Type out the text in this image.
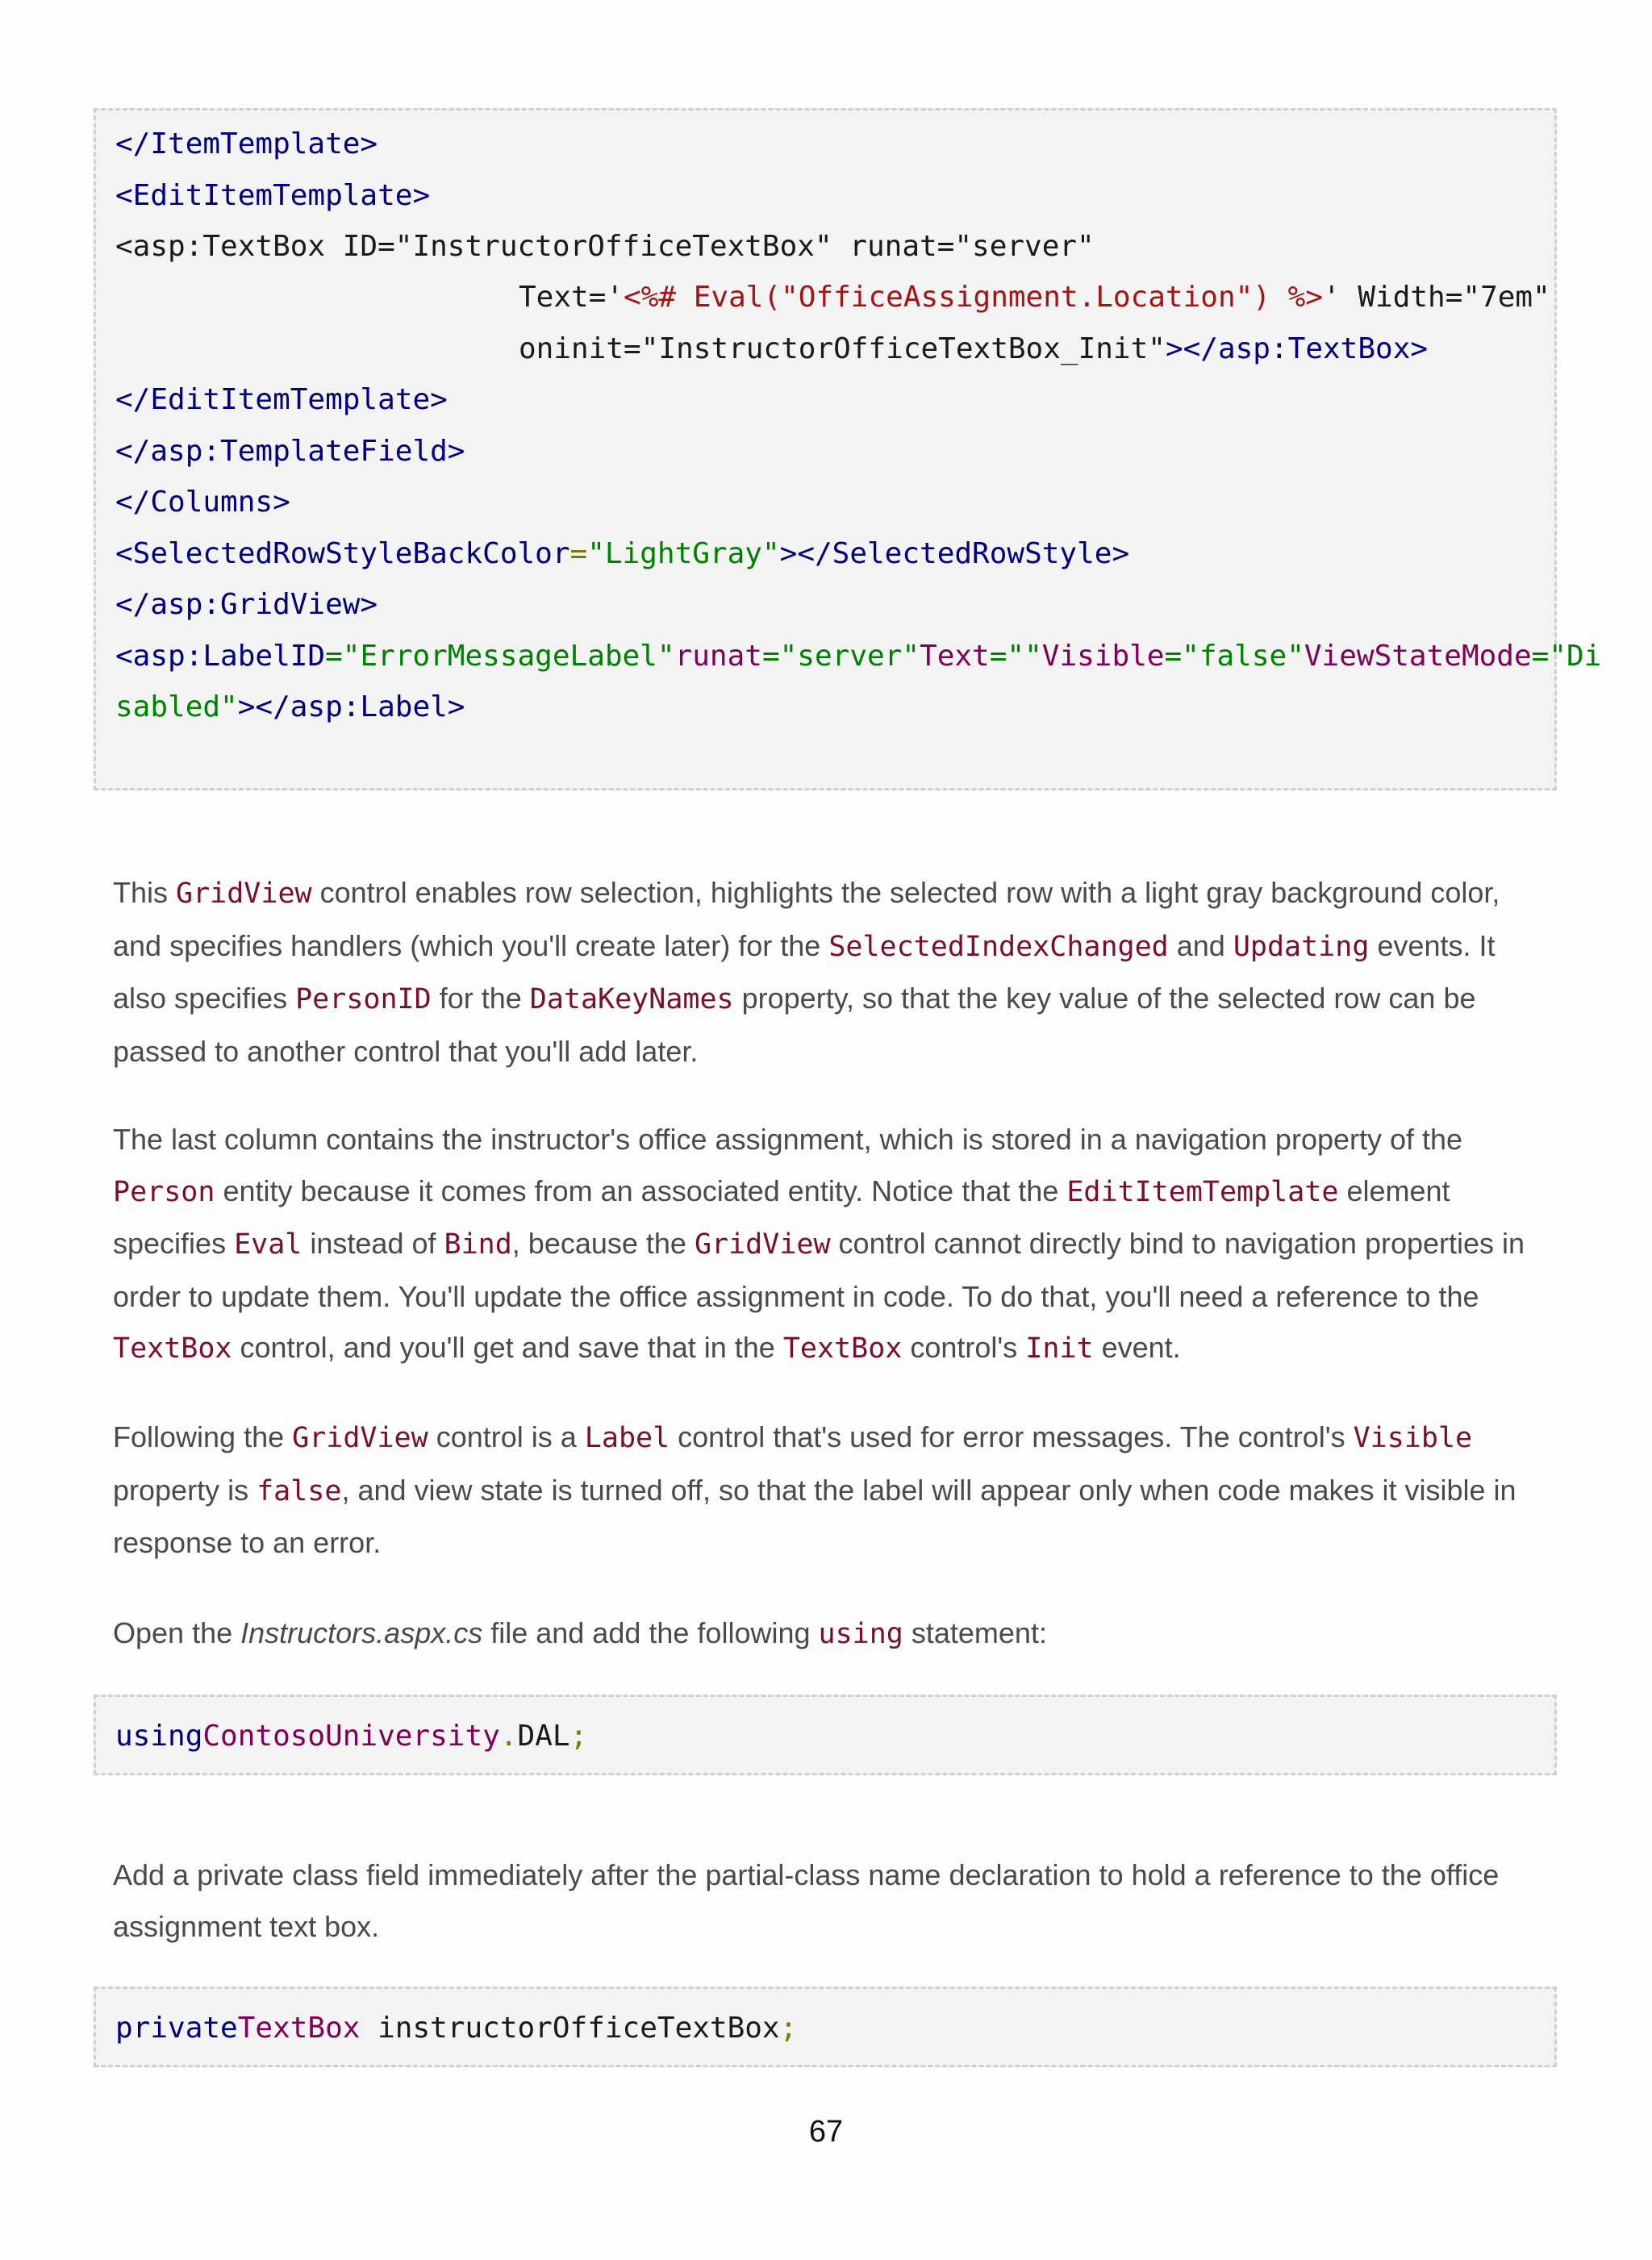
</ItemTemplate>
<EditItemTemplate>
<asp:TextBox ID="InstructorOfficeTextBox" runat="server"
Text='<%# Eval("OfficeAssignment.Location") %>' Width="7em"
oninit="InstructorOfficeTextBox_Init"></asp:TextBox>
</EditItemTemplate>
</asp:TemplateField>
</Columns>
<SelectedRowStyleBackColor="LightGray"></SelectedRowStyle>
</asp:GridView>
<asp:LabelID="ErrorMessageLabel"runat="server"Text=""Visible="false"ViewStateMode="Di
sabled"></asp:Label>
This GridView control enables row selection, highlights the selected row with a light gray background color, and specifies handlers (which you'll create later) for the SelectedIndexChanged and Updating events. It also specifies PersonID for the DataKeyNames property, so that the key value of the selected row can be passed to another control that you'll add later.
The last column contains the instructor's office assignment, which is stored in a navigation property of the Person entity because it comes from an associated entity. Notice that the EditItemTemplate element specifies Eval instead of Bind, because the GridView control cannot directly bind to navigation properties in order to update them. You'll update the office assignment in code. To do that, you'll need a reference to the TextBox control, and you'll get and save that in the TextBox control's Init event.
Following the GridView control is a Label control that's used for error messages. The control's Visible property is false, and view state is turned off, so that the label will appear only when code makes it visible in response to an error.
Open the Instructors.aspx.cs file and add the following using statement:
usingContosoUniversity.DAL;
Add a private class field immediately after the partial-class name declaration to hold a reference to the office assignment text box.
privateTextBox instructorOfficeTextBox;
67
